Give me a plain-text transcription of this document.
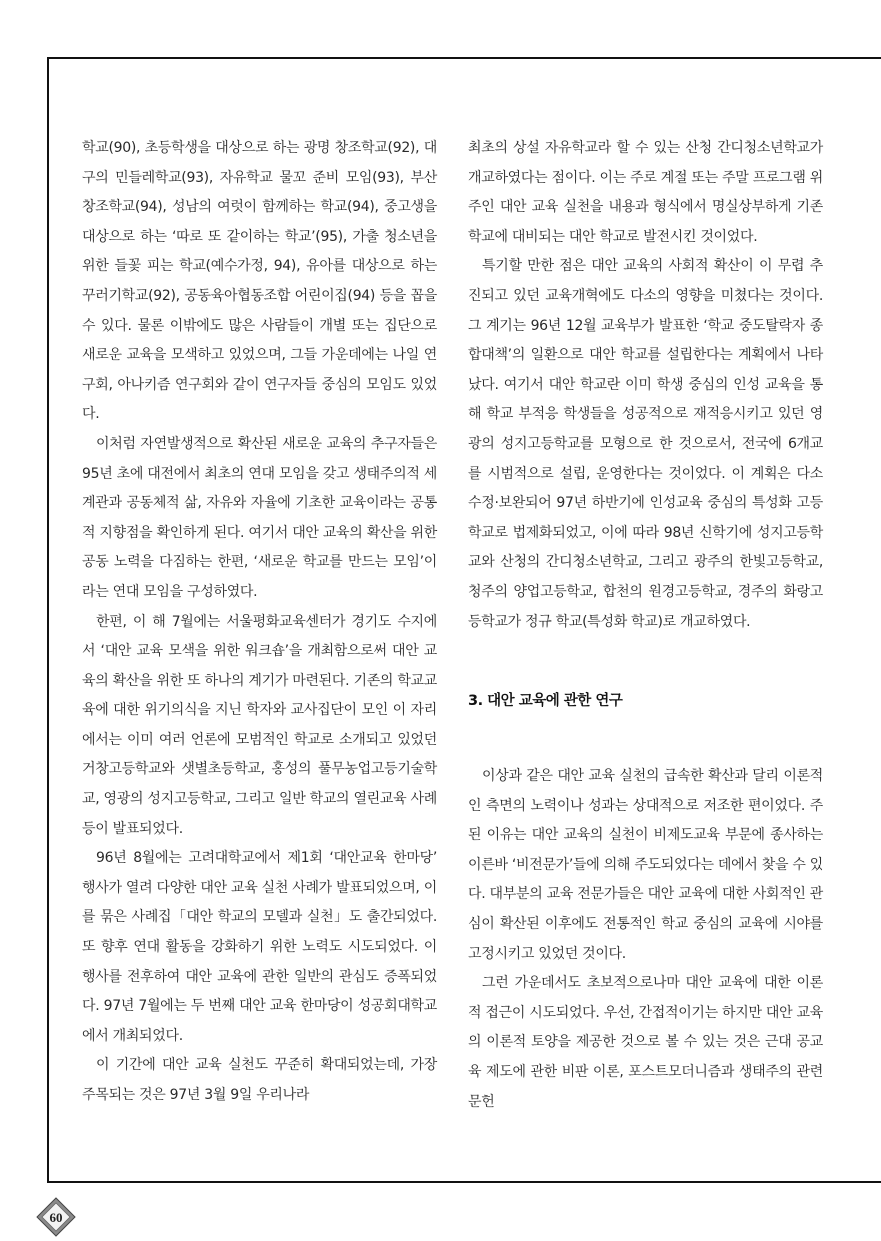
학교(90), 초등학생을 대상으로 하는 광명 창조학교(92), 대구의 민들레학교(93), 자유학교 물꼬 준비 모임(93), 부산 창조학교(94), 성남의 여럿이 함께하는 학교(94), 중고생을 대상으로 하는 ‘따로 또 같이하는 학교’(95), 가출 청소년을 위한 들꽃 피는 학교(예수가정, 94), 유아를 대상으로 하는 꾸러기학교(92), 공동육아협동조합 어린이집(94) 등을 꼽을 수 있다. 물론 이밖에도 많은 사람들이 개별 또는 집단으로 새로운 교육을 모색하고 있었으며, 그들 가운데에는 나일 연구회, 아나키즘 연구회와 같이 연구자들 중심의 모임도 있었다.

이처럼 자연발생적으로 확산된 새로운 교육의 추구자들은 95년 초에 대전에서 최초의 연대 모임을 갖고 생태주의적 세계관과 공동체적 삶, 자유와 자율에 기초한 교육이라는 공통적 지향점을 확인하게 된다. 여기서 대안 교육의 확산을 위한 공동 노력을 다짐하는 한편, ‘새로운 학교를 만드는 모임’이라는 연대 모임을 구성하였다.

한편, 이 해 7월에는 서울평화교육센터가 경기도 수지에서 ‘대안 교육 모색을 위한 워크숍’을 개최함으로써 대안 교육의 확산을 위한 또 하나의 계기가 마련된다. 기존의 학교교육에 대한 위기의식을 지닌 학자와 교사집단이 모인 이 자리에서는 이미 여러 언론에 모범적인 학교로 소개되고 있었던 거창고등학교와 샛별초등학교, 홍성의 풀무농업고등기술학교, 영광의 성지고등학교, 그리고 일반 학교의 열린교육 사례 등이 발표되었다.

96년 8월에는 고려대학교에서 제1회 ‘대안교육 한마당’ 행사가 열려 다양한 대안 교육 실천 사례가 발표되었으며, 이를 묶은 사례집「대안 학교의 모델과 실천」도 출간되었다. 또 향후 연대 활동을 강화하기 위한 노력도 시도되었다. 이 행사를 전후하여 대안 교육에 관한 일반의 관심도 증폭되었다. 97년 7월에는 두 번째 대안 교육 한마당이 성공회대학교에서 개최되었다.

이 기간에 대안 교육 실천도 꾸준히 확대되었는데, 가장 주목되는 것은 97년 3월 9일 우리나라

최초의 상설 자유학교라 할 수 있는 산청 간디청소년학교가 개교하였다는 점이다. 이는 주로 계절 또는 주말 프로그램 위주인 대안 교육 실천을 내용과 형식에서 명실상부하게 기존 학교에 대비되는 대안 학교로 발전시킨 것이었다.

특기할 만한 점은 대안 교육의 사회적 확산이 이 무렵 추진되고 있던 교육개혁에도 다소의 영향을 미쳤다는 것이다. 그 계기는 96년 12월 교육부가 발표한 ‘학교 중도탈락자 종합대책’의 일환으로 대안 학교를 설립한다는 계획에서 나타났다. 여기서 대안 학교란 이미 학생 중심의 인성 교육을 통해 학교 부적응 학생들을 성공적으로 재적응시키고 있던 영광의 성지고등학교를 모형으로 한 것으로서, 전국에 6개교를 시범적으로 설립, 운영한다는 것이었다. 이 계획은 다소 수정·보완되어 97년 하반기에 인성교육 중심의 특성화 고등학교로 법제화되었고, 이에 따라 98년 신학기에 성지고등학교와 산청의 간디청소년학교, 그리고 광주의 한빛고등학교, 청주의 양업고등학교, 합천의 원경고등학교, 경주의 화랑고등학교가 정규 학교(특성화 학교)로 개교하였다.

3. 대안 교육에 관한 연구

이상과 같은 대안 교육 실천의 급속한 확산과 달리 이론적인 측면의 노력이나 성과는 상대적으로 저조한 편이었다. 주된 이유는 대안 교육의 실천이 비제도교육 부문에 종사하는 이른바 ‘비전문가’들에 의해 주도되었다는 데에서 찾을 수 있다. 대부분의 교육 전문가들은 대안 교육에 대한 사회적인 관심이 확산된 이후에도 전통적인 학교 중심의 교육에 시야를 고정시키고 있었던 것이다.

그런 가운데서도 초보적으로나마 대안 교육에 대한 이론적 접근이 시도되었다. 우선, 간접적이기는 하지만 대안 교육의 이론적 토양을 제공한 것으로 볼 수 있는 것은 근대 공교육 제도에 관한 비판 이론, 포스트모더니즘과 생태주의 관련 문헌

60
